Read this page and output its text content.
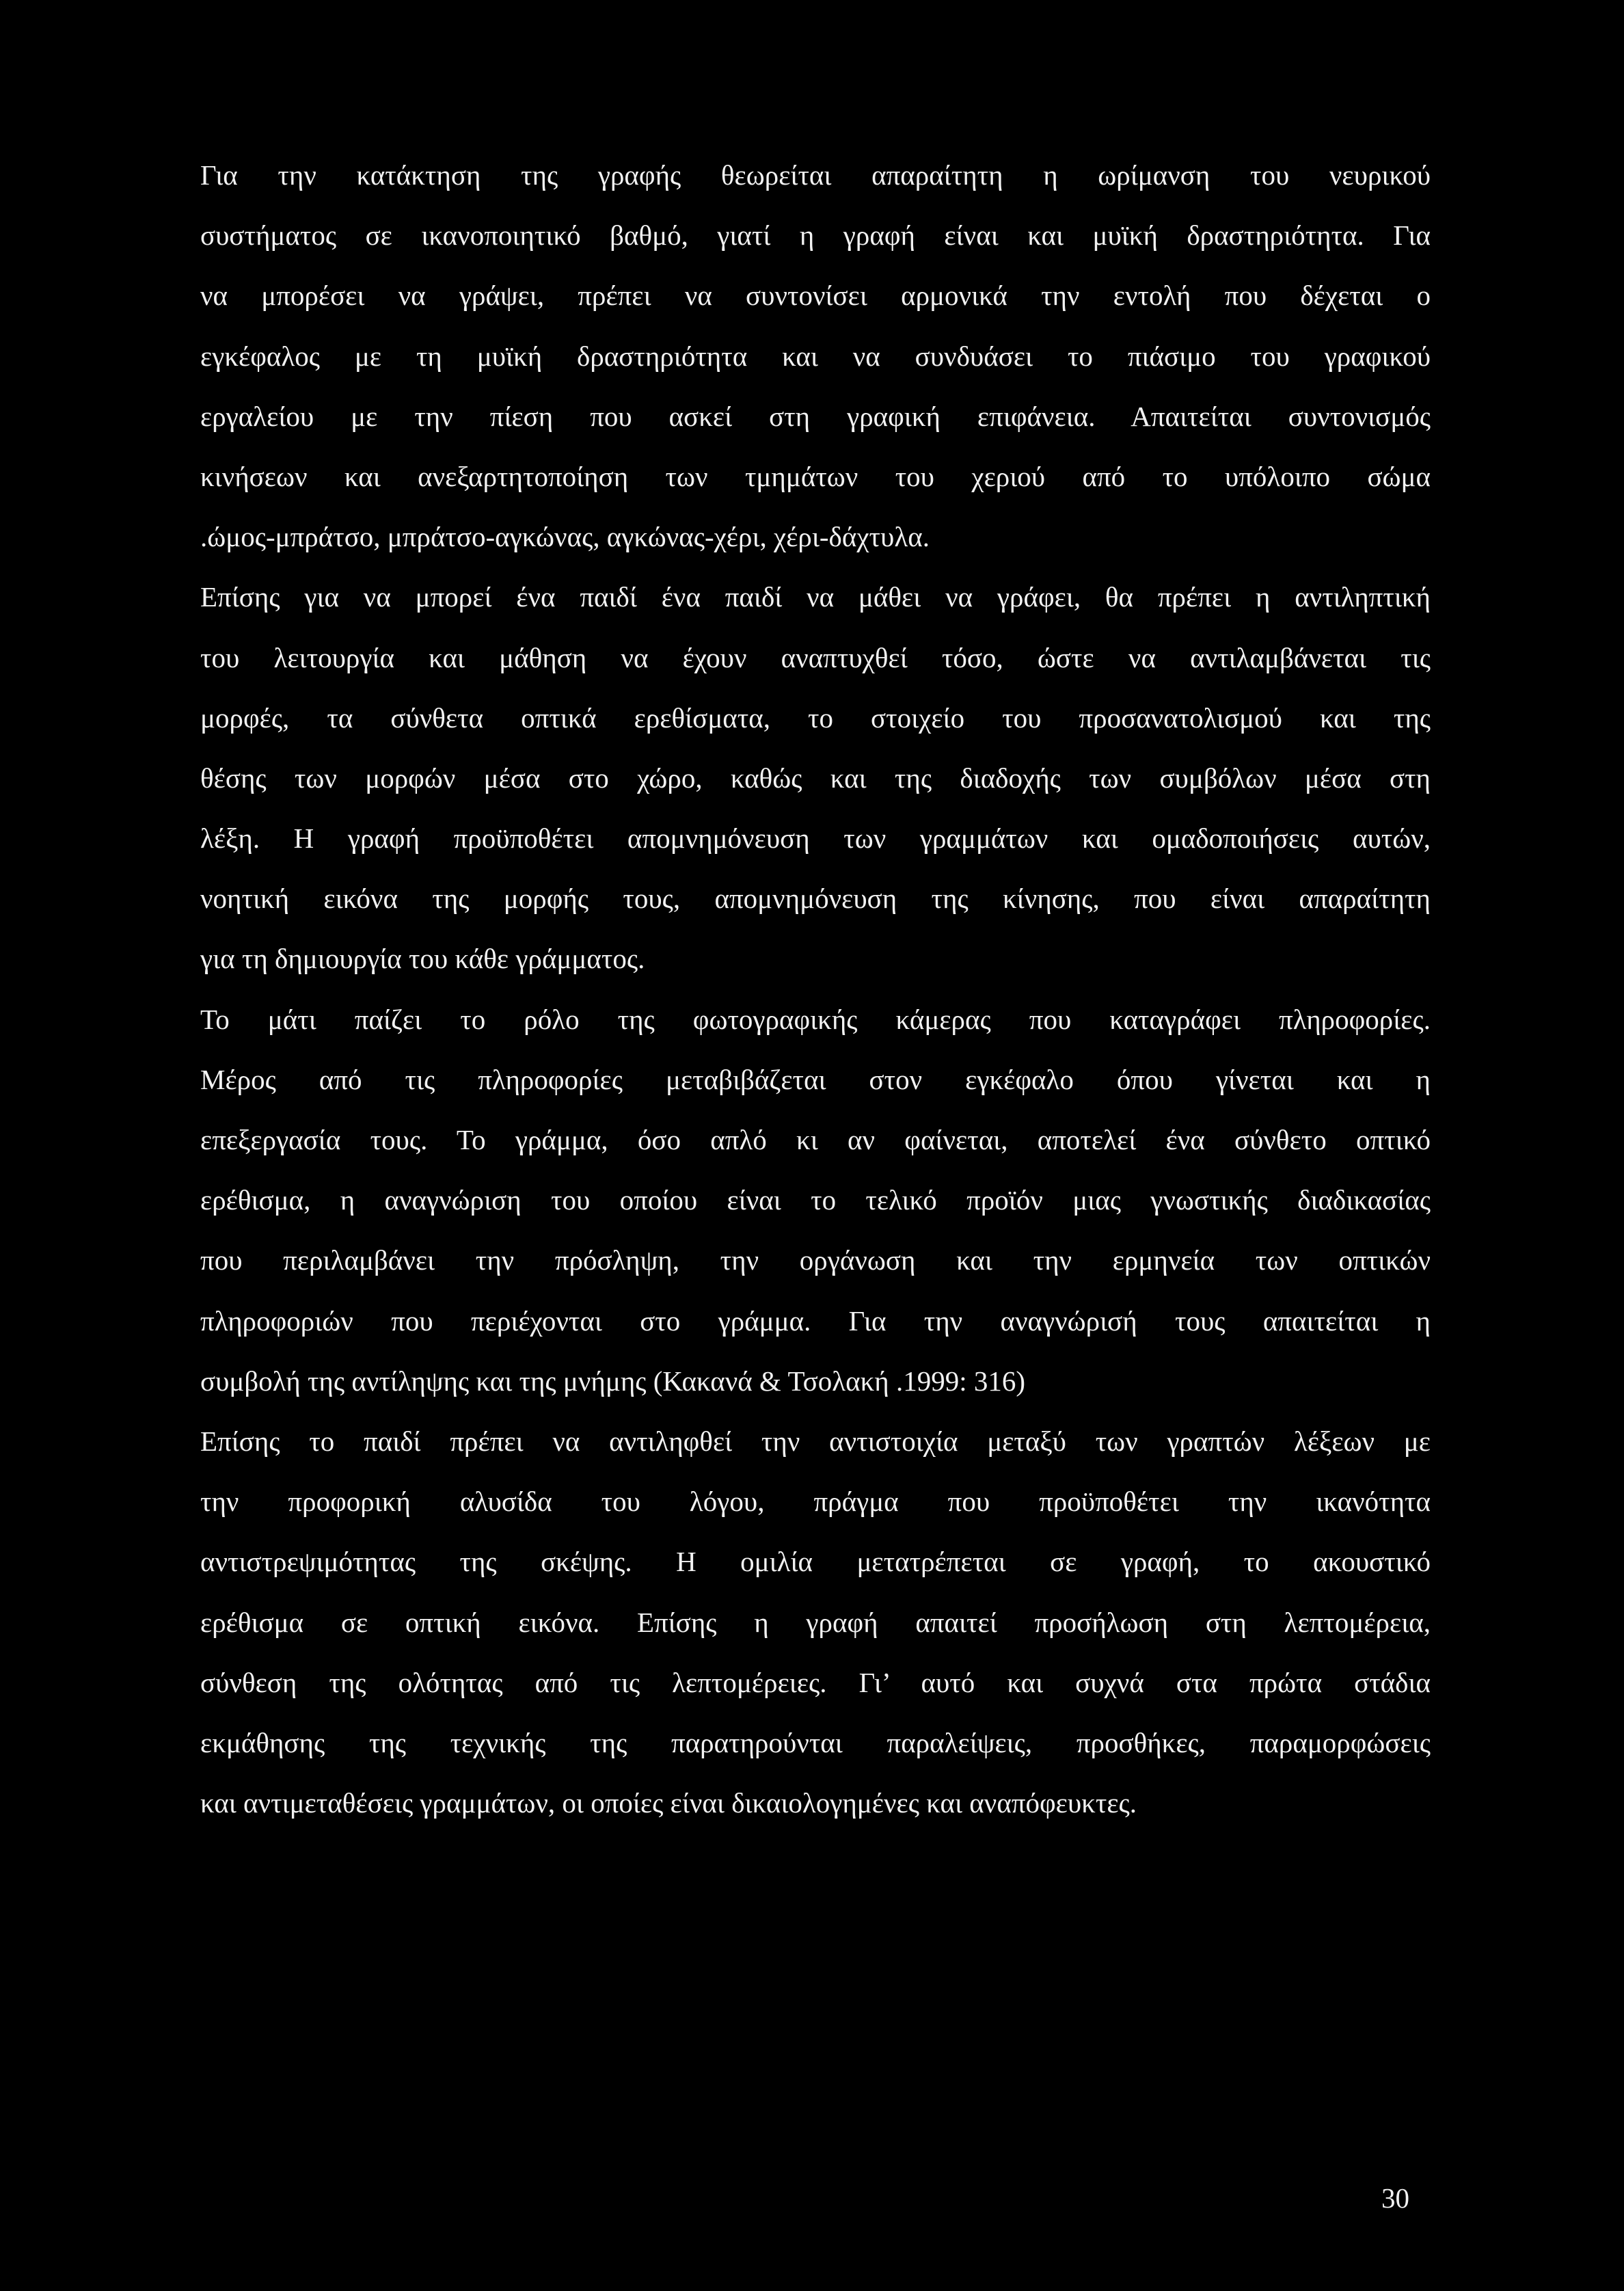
Για την κατάκτηση της γραφής θεωρείται απαραίτητη η ωρίμανση του νευρικού
συστήματος σε ικανοποιητικό βαθμό, γιατί η γραφή είναι και μυϊκή δραστηριότητα. Για
να μπορέσει να γράψει, πρέπει να συντονίσει αρμονικά την εντολή που δέχεται ο
εγκέφαλος με τη μυϊκή δραστηριότητα και να συνδυάσει το πιάσιμο του γραφικού
εργαλείου με την πίεση που ασκεί στη γραφική επιφάνεια. Απαιτείται συντονισμός
κινήσεων και ανεξαρτητοποίηση των τμημάτων του χεριού από το υπόλοιπο σώμα
.ώμος-μπράτσο, μπράτσο-αγκώνας, αγκώνας-χέρι, χέρι-δάχτυλα.
Επίσης για να μπορεί ένα παιδί ένα παιδί να μάθει να γράφει, θα πρέπει η αντιληπτική
του λειτουργία και μάθηση να έχουν αναπτυχθεί τόσο, ώστε να αντιλαμβάνεται τις
μορφές, τα σύνθετα οπτικά ερεθίσματα, το στοιχείο του προσανατολισμού και της
θέσης των μορφών μέσα στο χώρο, καθώς και της διαδοχής των συμβόλων μέσα στη
λέξη. Η γραφή προϋποθέτει απομνημόνευση των γραμμάτων και ομαδοποιήσεις αυτών,
νοητική εικόνα της μορφής τους, απομνημόνευση της κίνησης, που είναι απαραίτητη
για τη δημιουργία του κάθε γράμματος.
Το μάτι παίζει το ρόλο της φωτογραφικής κάμερας που καταγράφει πληροφορίες.
Μέρος από τις πληροφορίες μεταβιβάζεται στον εγκέφαλο όπου γίνεται και η
επεξεργασία τους. Το γράμμα, όσο απλό κι αν φαίνεται, αποτελεί ένα σύνθετο οπτικό
ερέθισμα, η αναγνώριση του οποίου είναι το τελικό προϊόν μιας γνωστικής διαδικασίας
που περιλαμβάνει την πρόσληψη, την οργάνωση και την ερμηνεία των οπτικών
πληροφοριών που περιέχονται στο γράμμα. Για την αναγνώρισή τους απαιτείται η
συμβολή της αντίληψης και της μνήμης (Κακανά & Τσολακή .1999: 316)
Επίσης το παιδί πρέπει να αντιληφθεί την αντιστοιχία μεταξύ των γραπτών λέξεων με
την προφορική αλυσίδα του λόγου, πράγμα που προϋποθέτει την ικανότητα
αντιστρεψιμότητας της σκέψης. Η ομιλία μετατρέπεται σε γραφή, το ακουστικό
ερέθισμα σε οπτική εικόνα. Επίσης η γραφή απαιτεί προσήλωση στη λεπτομέρεια,
σύνθεση της ολότητας από τις λεπτομέρειες. Γι’ αυτό και συχνά στα πρώτα στάδια
εκμάθησης της τεχνικής της παρατηρούνται παραλείψεις, προσθήκες, παραμορφώσεις
και αντιμεταθέσεις γραμμάτων, οι οποίες είναι δικαιολογημένες και αναπόφευκτες.
30
